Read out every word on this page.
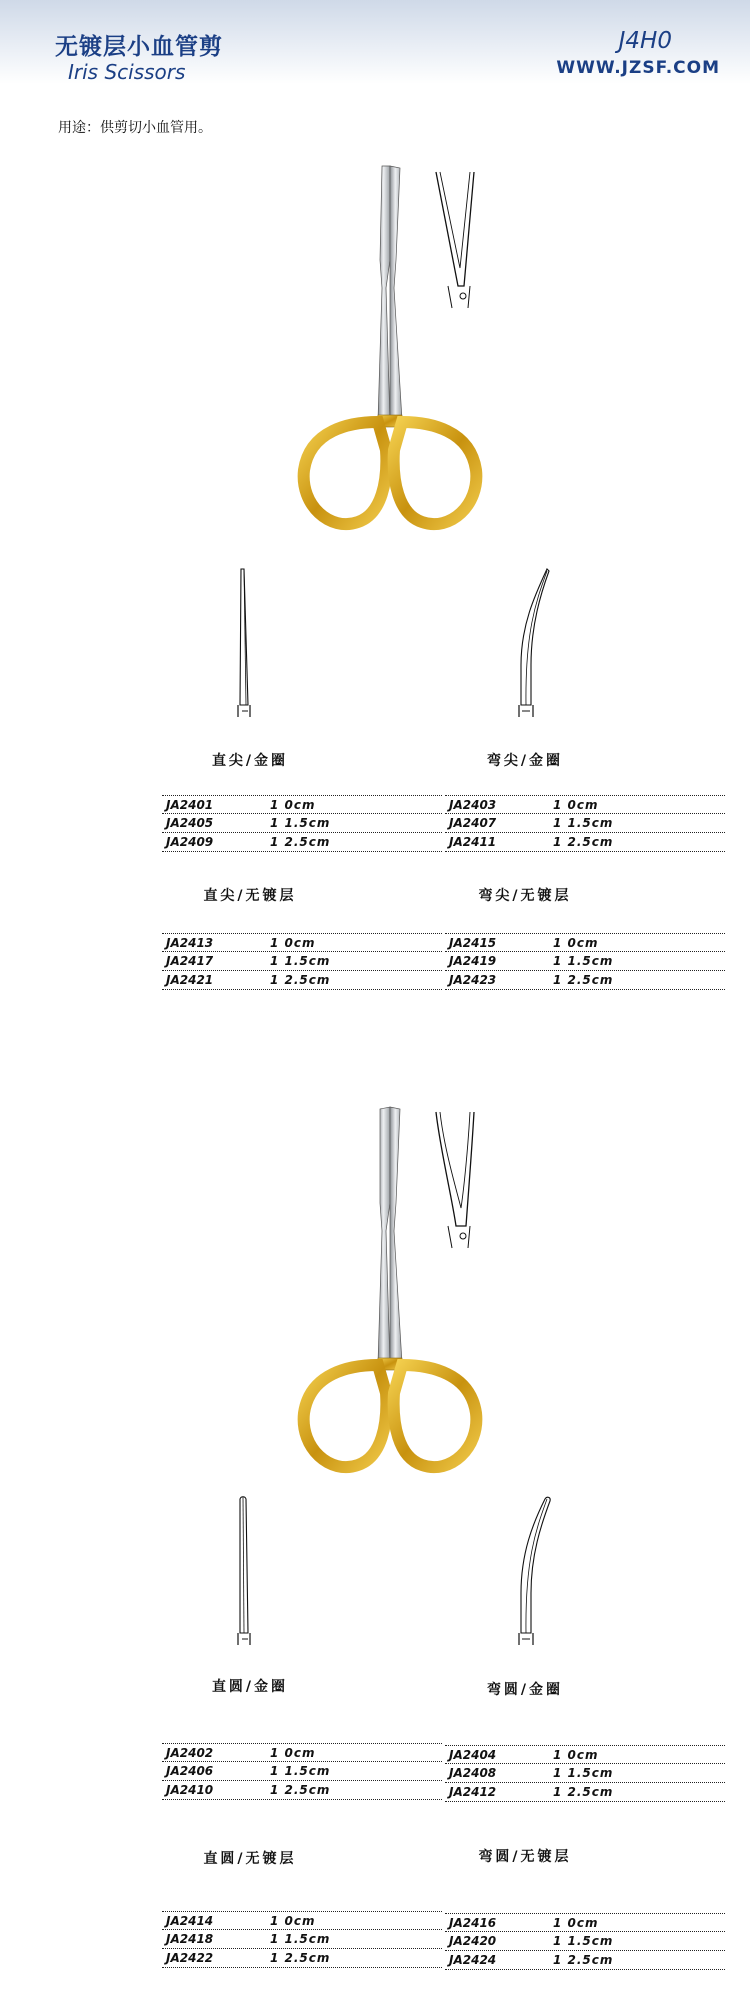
无镀层小血管剪
Iris Scissors
J4H0
WWW.JZSF.COM
用途：供剪切小血管用。
直尖/金圈	弯尖/金圈
JA2401	1 0cm
JA2405	1 1.5cm
JA2409	1 2.5cm
JA2403	1 0cm
JA2407	1 1.5cm
JA2411	1 2.5cm
直尖/无镀层	弯尖/无镀层
JA2413	1 0cm
JA2417	1 1.5cm
JA2421	1 2.5cm
JA2415	1 0cm
JA2419	1 1.5cm
JA2423	1 2.5cm
直圆/金圈	弯圆/金圈
JA2402	1 0cm
JA2406	1 1.5cm
JA2410	1 2.5cm
JA2404	1 0cm
JA2408	1 1.5cm
JA2412	1 2.5cm
直圆/无镀层	弯圆/无镀层
JA2414	1 0cm
JA2418	1 1.5cm
JA2422	1 2.5cm
JA2416	1 0cm
JA2420	1 1.5cm
JA2424	1 2.5cm
